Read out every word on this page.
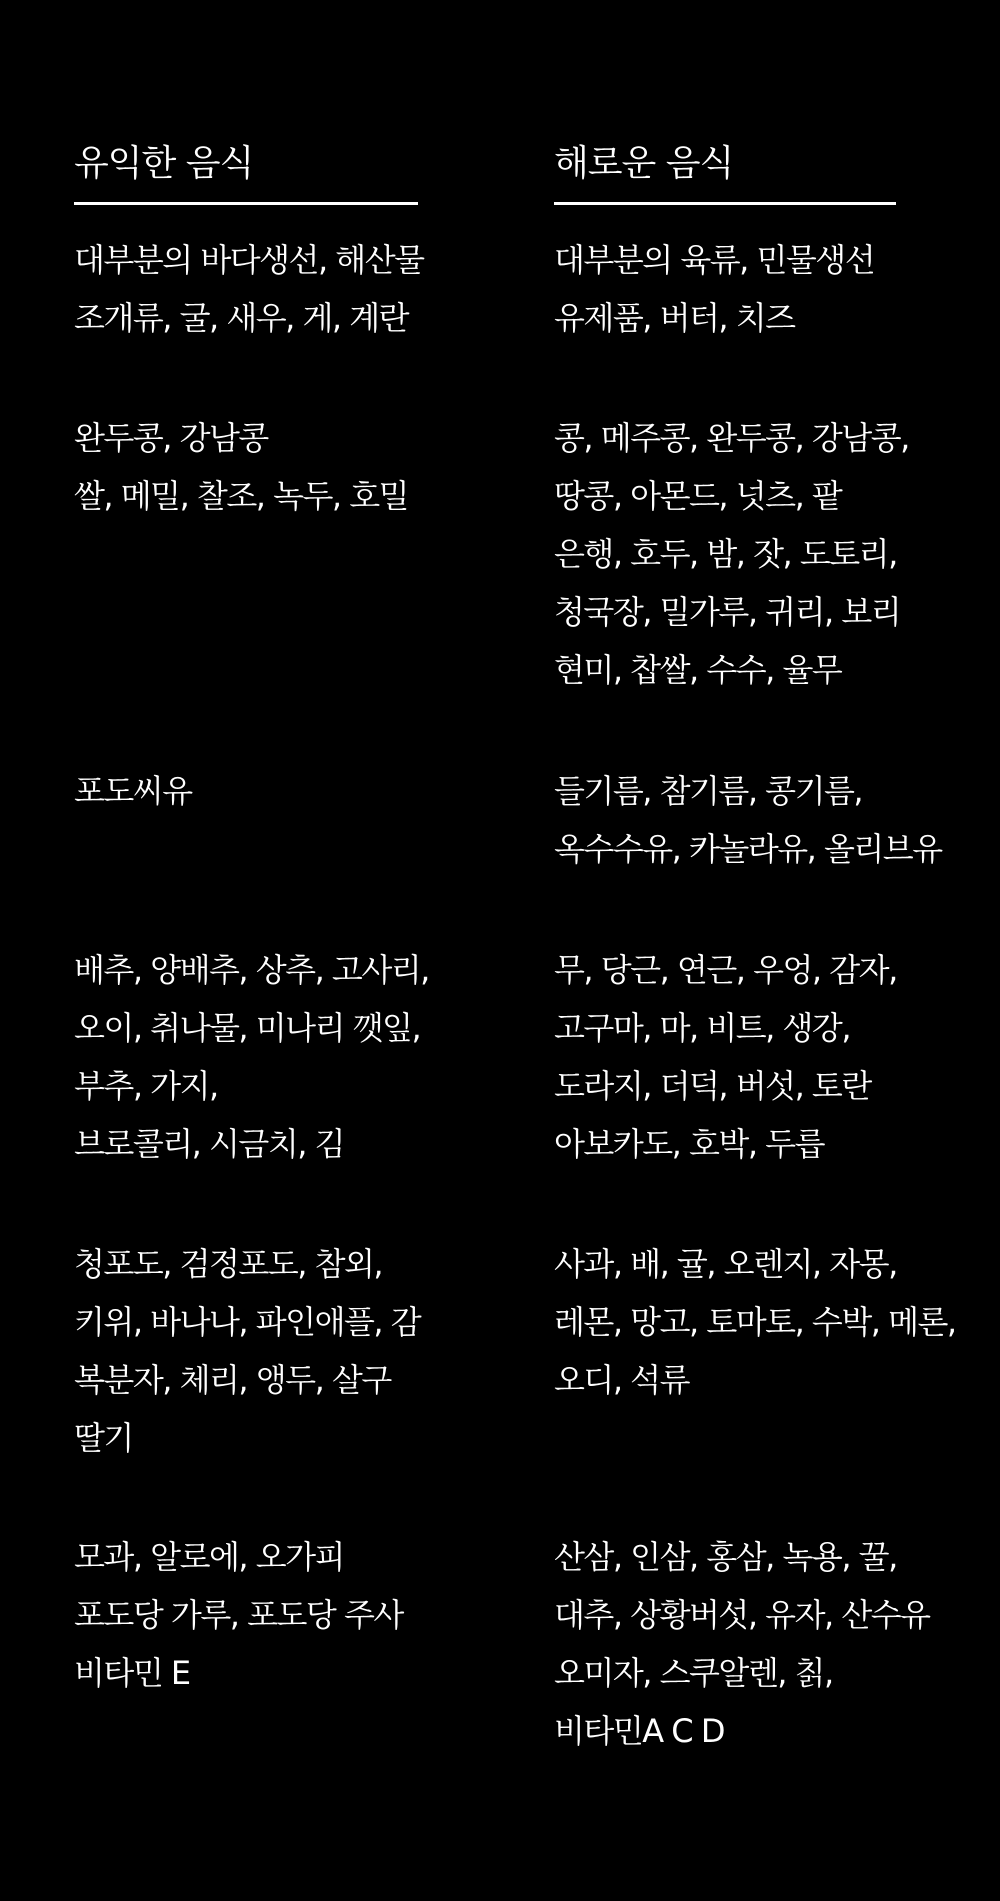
유익한 음식
대부분의 바다생선, 해산물
조개류, 굴, 새우, 게, 계란
완두콩, 강남콩
쌀, 메밀, 찰조, 녹두, 호밀
포도씨유
배추, 양배추, 상추, 고사리,
오이, 취나물, 미나리 깻잎,
부추, 가지,
브로콜리, 시금치, 김
청포도, 검정포도, 참외,
키위, 바나나, 파인애플, 감
복분자, 체리, 앵두, 살구
딸기
모과, 알로에, 오가피
포도당 가루, 포도당 주사
비타민 E
해로운 음식
대부분의 육류, 민물생선
유제품, 버터, 치즈
콩, 메주콩, 완두콩, 강남콩,
땅콩, 아몬드, 넛츠, 팥
은행, 호두, 밤, 잣, 도토리,
청국장, 밀가루, 귀리, 보리
현미, 찹쌀, 수수, 율무
들기름, 참기름, 콩기름,
옥수수유, 카놀라유, 올리브유
무, 당근, 연근, 우엉, 감자,
고구마, 마, 비트, 생강,
도라지, 더덕, 버섯, 토란
아보카도, 호박, 두릅
사과, 배, 귤, 오렌지, 자몽,
레몬, 망고, 토마토, 수박, 메론,
오디, 석류
산삼, 인삼, 홍삼, 녹용, 꿀,
대추, 상황버섯, 유자, 산수유
오미자, 스쿠알렌, 칡,
비타민A C D
